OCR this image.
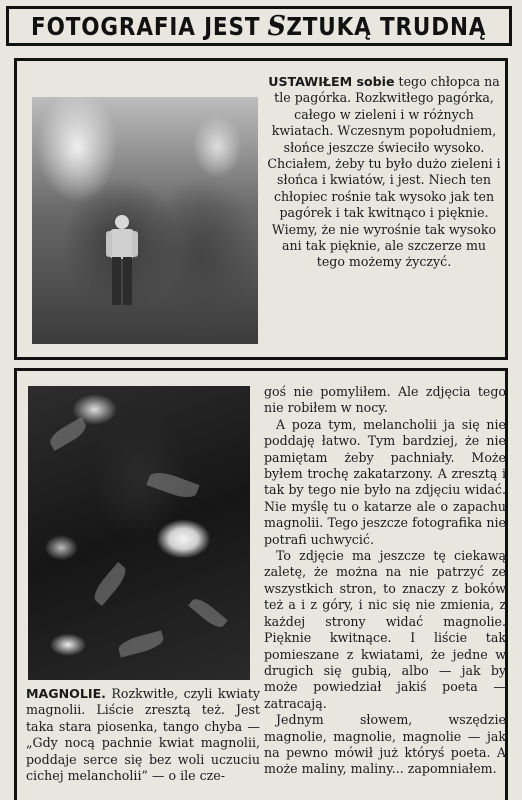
FOTOGRAFIA JEST SZTUKĄ TRUDNĄ
USTAWIŁEM sobie tego chłopca na tle pagórka. Rozkwitłego pagórka, całego w zieleni i w różnych kwiatach. Wczesnym popołudniem, słońce jeszcze świeciło wysoko. Chciałem, żeby tu było dużo zieleni i słońca i kwiatów, i jest. Niech ten chłopiec rośnie tak wysoko jak ten pagórek i tak kwitnąco i pięknie. Wiemy, że nie wyrośnie tak wysoko ani tak pięknie, ale szczerze mu tego możemy życzyć.
MAGNOLIE. Rozkwitłe, czyli kwiaty magnolii. Liście zresztą też. Jest taka stara piosenka, tango chyba — „Gdy nocą pachnie kwiat magnolii, poddaje serce się bez woli uczuciu cichej melancholii” — o ile cze-

goś nie pomyliłem. Ale zdjęcia tego nie robiłem w nocy.

A poza tym, melancholii ja się nie poddaję łatwo. Tym bardziej, że nie pamiętam żeby pachniały. Może byłem trochę zakatarzony. A zresztą i tak by tego nie było na zdjęciu widać. Nie myślę tu o katarze ale o zapachu magnolii. Tego jeszcze fotografika nie potrafi uchwycić.

To zdjęcie ma jeszcze tę ciekawą zaletę, że można na nie patrzyć ze wszystkich stron, to znaczy z boków też a i z góry, i nic się nie zmienia, z każdej strony widać magnolie. Pięknie kwitnące. I liście tak pomieszane z kwiatami, że jedne w drugich się gubią, albo — jak by może powiedział jakiś poeta — zatracają.

Jednym słowem, wszędzie magnolie, magnolie, magnolie — jak na pewno mówił już któryś poeta. A może maliny, maliny... zapomniałem.
